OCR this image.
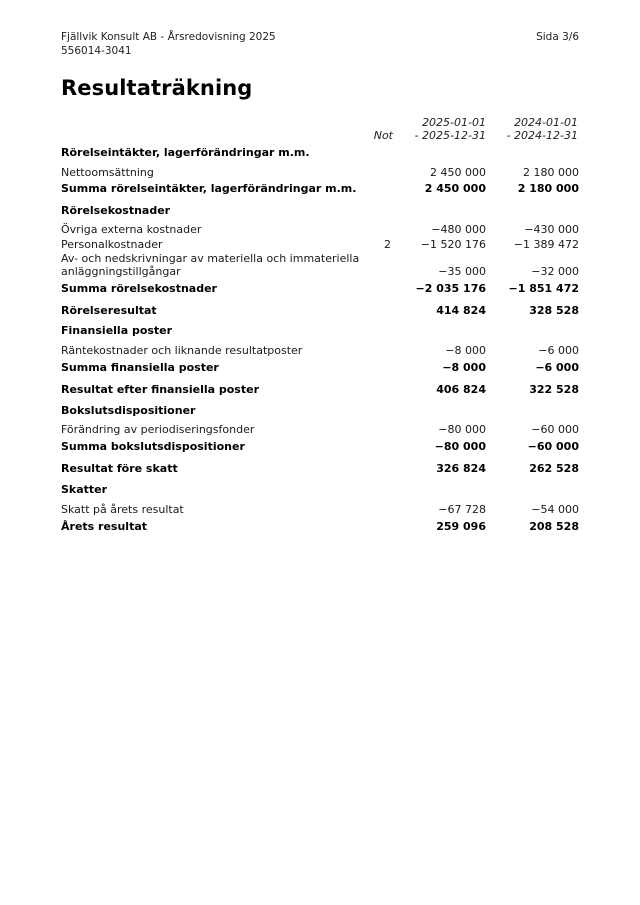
Fjällvik Konsult AB - Årsredovisning 2025
556014-3041
Sida 3/6
Resultaträkning
Not
2025-01-01
- 2025-12-31
2024-01-01
- 2024-12-31
Rörelseintäkter, lagerförändringar m.m.
Nettoomsättning	2 450 000	2 180 000
Summa rörelseintäkter, lagerförändringar m.m.	2 450 000	2 180 000
Rörelsekostnader
Övriga externa kostnader	−480 000	−430 000
Personalkostnader	2	−1 520 176	−1 389 472
Av- och nedskrivningar av materiella och immateriella
anläggningstillgångar	−35 000	−32 000
Summa rörelsekostnader	−2 035 176	−1 851 472
Rörelseresultat	414 824	328 528
Finansiella poster
Räntekostnader och liknande resultatposter	−8 000	−6 000
Summa finansiella poster	−8 000	−6 000
Resultat efter finansiella poster	406 824	322 528
Bokslutsdispositioner
Förändring av periodiseringsfonder	−80 000	−60 000
Summa bokslutsdispositioner	−80 000	−60 000
Resultat före skatt	326 824	262 528
Skatter
Skatt på årets resultat	−67 728	−54 000
Årets resultat	259 096	208 528
